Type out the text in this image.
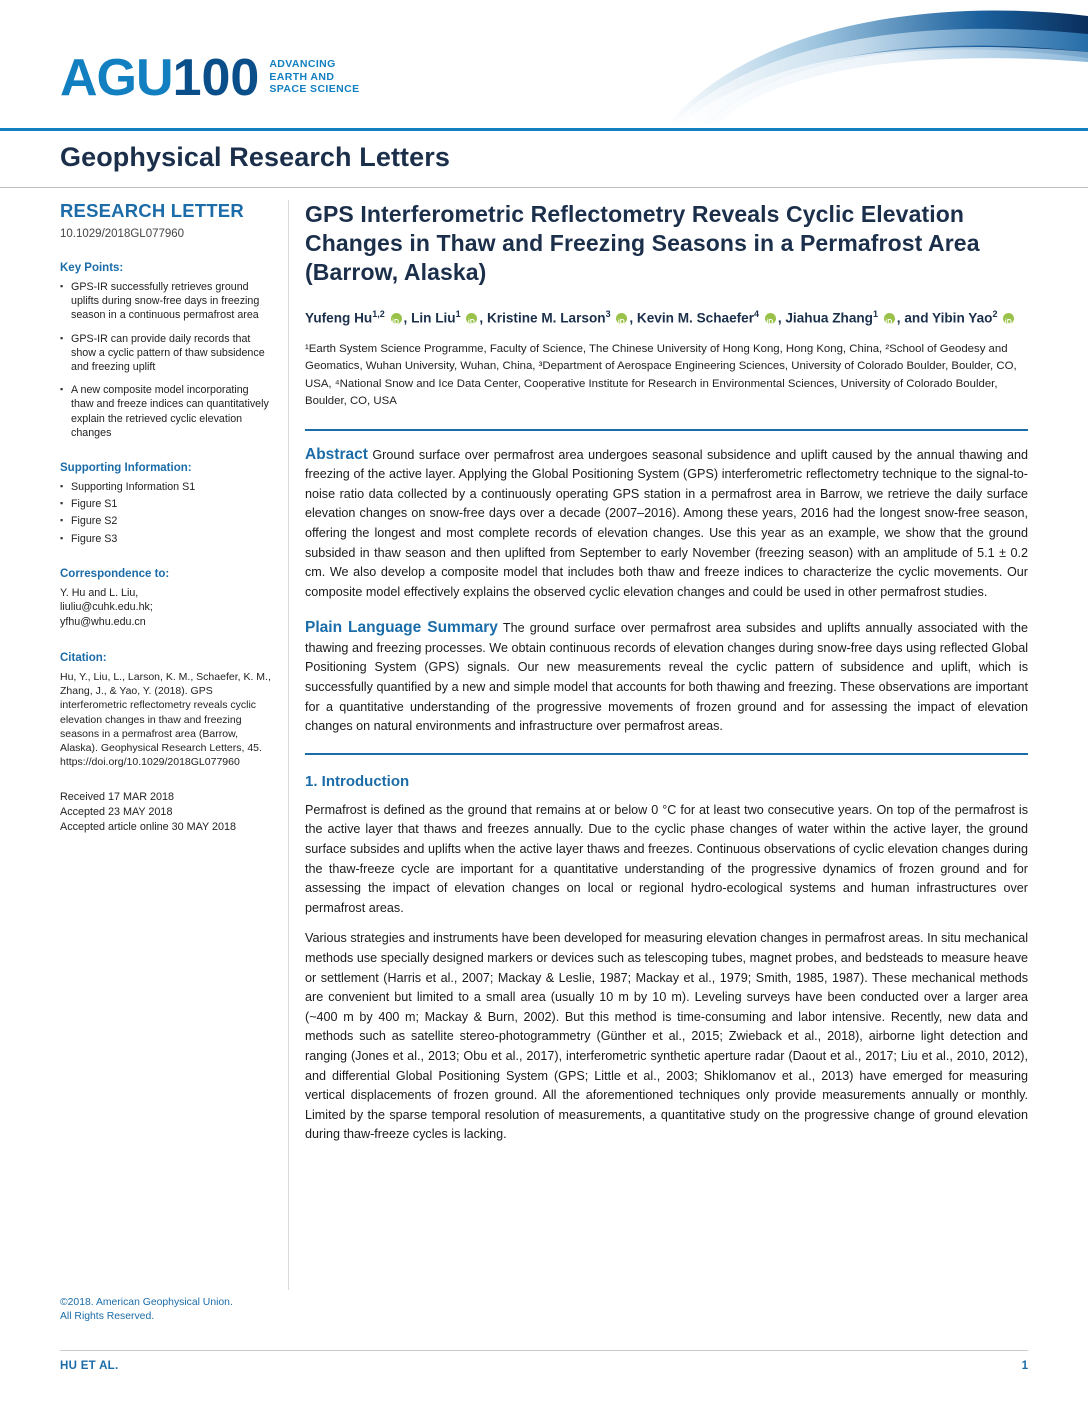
AGU 100 ADVANCING
EARTH AND
SPACE SCIENCE
Geophysical Research Letters
RESEARCH LETTER
10.1029/2018GL077960
Key Points:
▪ GPS-IR successfully retrieves ground uplifts during snow-free days in freezing season in a continuous permafrost area
▪ GPS-IR can provide daily records that show a cyclic pattern of thaw subsidence and freezing uplift
▪ A new composite model incorporating thaw and freeze indices can quantitatively explain the retrieved cyclic elevation changes
Supporting Information:
▪ Supporting Information S1
▪ Figure S1
▪ Figure S2
▪ Figure S3
Correspondence to:
Y. Hu and L. Liu,
liuliu@cuhk.edu.hk;
yfhu@whu.edu.cn
Citation:
Hu, Y., Liu, L., Larson, K. M., Schaefer, K. M., Zhang, J., & Yao, Y. (2018). GPS interferometric reflectometry reveals cyclic elevation changes in thaw and freezing seasons in a permafrost area (Barrow, Alaska). Geophysical Research Letters, 45. https://doi.org/10.1029/2018GL077960
Received 17 MAR 2018
Accepted 23 MAY 2018
Accepted article online 30 MAY 2018
©2018. American Geophysical Union.
All Rights Reserved.
GPS Interferometric Reflectometry Reveals Cyclic Elevation Changes in Thaw and Freezing Seasons in a Permafrost Area (Barrow, Alaska)
Yufeng Hu$^{1,2}$ iD , Lin Liu$^1$ iD , Kristine M. Larson$^3$ iD , Kevin M. Schaefer$^4$ iD , Jiahua Zhang$^1$ iD , and Yibin Yao$^2$ iD
¹Earth System Science Programme, Faculty of Science, The Chinese University of Hong Kong, Hong Kong, China, ²School of Geodesy and Geomatics, Wuhan University, Wuhan, China, ³Department of Aerospace Engineering Sciences, University of Colorado Boulder, Boulder, CO, USA, ⁴National Snow and Ice Data Center, Cooperative Institute for Research in Environmental Sciences, University of Colorado Boulder, Boulder, CO, USA
Abstract Ground surface over permafrost area undergoes seasonal subsidence and uplift caused by the annual thawing and freezing of the active layer. Applying the Global Positioning System (GPS) interferometric reflectometry technique to the signal-to-noise ratio data collected by a continuously operating GPS station in a permafrost area in Barrow, we retrieve the daily surface elevation changes on snow-free days over a decade (2007–2016). Among these years, 2016 had the longest snow-free season, offering the longest and most complete records of elevation changes. Use this year as an example, we show that the ground subsided in thaw season and then uplifted from September to early November (freezing season) with an amplitude of 5.1 ± 0.2 cm. We also develop a composite model that includes both thaw and freeze indices to characterize the cyclic movements. Our composite model effectively explains the observed cyclic elevation changes and could be used in other permafrost studies.
Plain Language Summary The ground surface over permafrost area subsides and uplifts annually associated with the thawing and freezing processes. We obtain continuous records of elevation changes during snow-free days using reflected Global Positioning System (GPS) signals. Our new measurements reveal the cyclic pattern of subsidence and uplift, which is successfully quantified by a new and simple model that accounts for both thawing and freezing. These observations are important for a quantitative understanding of the progressive movements of frozen ground and for assessing the impact of elevation changes on natural environments and infrastructure over permafrost areas.
1. Introduction
Permafrost is defined as the ground that remains at or below 0 °C for at least two consecutive years. On top of the permafrost is the active layer that thaws and freezes annually. Due to the cyclic phase changes of water within the active layer, the ground surface subsides and uplifts when the active layer thaws and freezes. Continuous observations of cyclic elevation changes during the thaw-freeze cycle are important for a quantitative understanding of the progressive dynamics of frozen ground and for assessing the impact of elevation changes on local or regional hydro-ecological systems and human infrastructures over permafrost areas.
Various strategies and instruments have been developed for measuring elevation changes in permafrost areas. In situ mechanical methods use specially designed markers or devices such as telescoping tubes, magnet probes, and bedsteads to measure heave or settlement (Harris et al., 2007; Mackay & Leslie, 1987; Mackay et al., 1979; Smith, 1985, 1987). These mechanical methods are convenient but limited to a small area (usually 10 m by 10 m). Leveling surveys have been conducted over a larger area (~400 m by 400 m; Mackay & Burn, 2002). But this method is time-consuming and labor intensive. Recently, new data and methods such as satellite stereo-photogrammetry (Günther et al., 2015; Zwieback et al., 2018), airborne light detection and ranging (Jones et al., 2013; Obu et al., 2017), interferometric synthetic aperture radar (Daout et al., 2017; Liu et al., 2010, 2012), and differential Global Positioning System (GPS; Little et al., 2003; Shiklomanov et al., 2013) have emerged for measuring vertical displacements of frozen ground. All the aforementioned techniques only provide measurements annually or monthly. Limited by the sparse temporal resolution of measurements, a quantitative study on the progressive change of ground elevation during thaw-freeze cycles is lacking.
HU ET AL.	1
